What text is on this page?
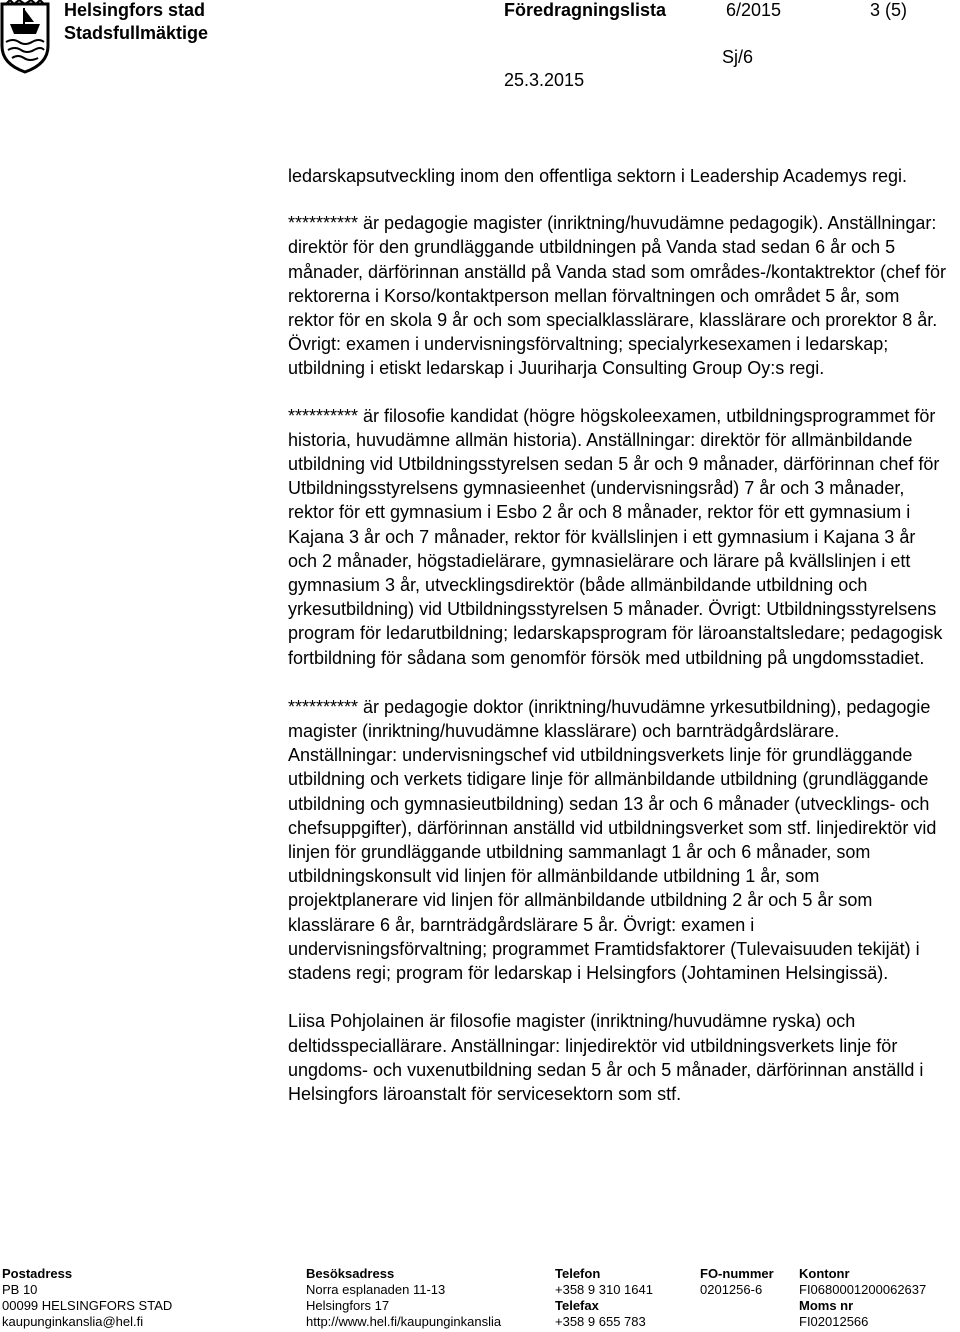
Helsingfors stad
Stadsfullmäktige
Föredragningslista	6/2015	3 (5)
Sj/6
25.3.2015

ledarskapsutveckling inom den offentliga sektorn i Leadership Academys regi.

********** är pedagogie magister (inriktning/huvudämne pedagogik). Anställningar: direktör för den grundläggande utbildningen på Vanda stad sedan 6 år och 5 månader, därförinnan anställd på Vanda stad som områdes-/kontaktrektor (chef för rektorerna i Korso/kontaktperson mellan förvaltningen och området 5 år, som rektor för en skola 9 år och som specialklasslärare, klasslärare och prorektor 8 år. Övrigt: examen i undervisningsförvaltning; specialyrkesexamen i ledarskap; utbildning i etiskt ledarskap i Juuriharja Consulting Group Oy:s regi.

********** är filosofie kandidat (högre högskoleexamen, utbildningsprogrammet för historia, huvudämne allmän historia). Anställningar: direktör för allmänbildande utbildning vid Utbildningsstyrelsen sedan 5 år och 9 månader, därförinnan chef för Utbildningsstyrelsens gymnasieenhet (undervisningsråd) 7 år och 3 månader, rektor för ett gymnasium i Esbo 2 år och 8 månader, rektor för ett gymnasium i Kajana 3 år och 7 månader, rektor för kvällslinjen i ett gymnasium i Kajana 3 år och 2 månader, högstadielärare, gymnasielärare och lärare på kvällslinjen i ett gymnasium 3 år, utvecklingsdirektör (både allmänbildande utbildning och yrkesutbildning) vid Utbildningsstyrelsen 5 månader. Övrigt: Utbildningsstyrelsens program för ledarutbildning; ledarskapsprogram för läroanstaltsledare; pedagogisk fortbildning för sådana som genomför försök med utbildning på ungdomsstadiet.

********** är pedagogie doktor (inriktning/huvudämne yrkesutbildning), pedagogie magister (inriktning/huvudämne klasslärare) och barnträdgårdslärare. Anställningar: undervisningschef vid utbildningsverkets linje för grundläggande utbildning och verkets tidigare linje för allmänbildande utbildning (grundläggande utbildning och gymnasieutbildning) sedan 13 år och 6 månader (utvecklings- och chefsuppgifter), därförinnan anställd vid utbildningsverket som stf. linjedirektör vid linjen för grundläggande utbildning sammanlagt 1 år och 6 månader, som utbildningskonsult vid linjen för allmänbildande utbildning 1 år, som projektplanerare vid linjen för allmänbildande utbildning 2 år och 5 år som klasslärare 6 år, barnträdgårdslärare 5 år. Övrigt: examen i undervisningsförvaltning; programmet Framtidsfaktorer (Tulevaisuuden tekijät) i stadens regi; program för ledarskap i Helsingfors (Johtaminen Helsingissä).

Liisa Pohjolainen är filosofie magister (inriktning/huvudämne ryska) och deltidsspeciallärare. Anställningar: linjedirektör vid utbildningsverkets linje för ungdoms- och vuxenutbildning sedan 5 år och 5 månader, därförinnan anställd i Helsingfors läroanstalt för servicesektorn som stf.

Postadress
PB 10
00099 HELSINGFORS STAD
kaupunginkanslia@hel.fi
Besöksadress
Norra esplanaden 11-13
Helsingfors 17
http://www.hel.fi/kaupunginkanslia
Telefon
+358 9 310 1641
Telefax
+358 9 655 783
FO-nummer
0201256-6
Kontonr
FI0680001200062637
Moms nr
FI02012566
